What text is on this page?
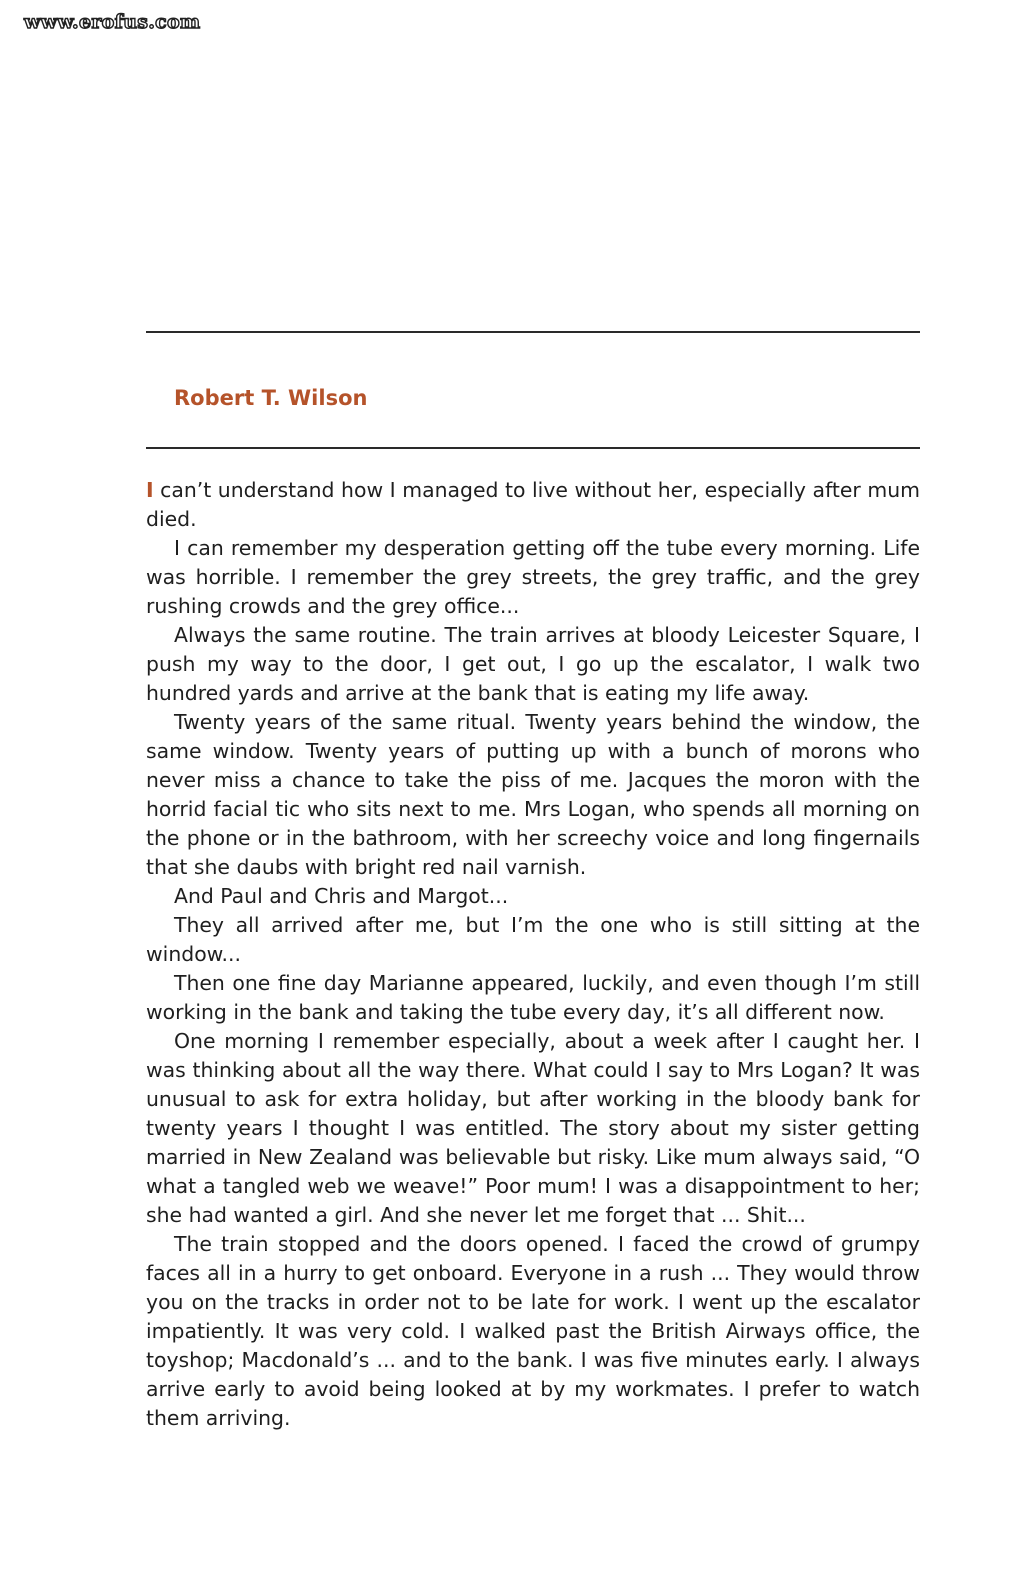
www.erofus.com
Robert T. Wilson

I can’t understand how I managed to live without her, especially after mum died.

I can remember my desperation getting off the tube every morning. Life was horrible. I remember the grey streets, the grey traffic, and the grey rushing crowds and the grey office...

Always the same routine. The train arrives at bloody Leicester Square, I push my way to the door, I get out, I go up the escalator, I walk two hundred yards and arrive at the bank that is eating my life away.

Twenty years of the same ritual. Twenty years behind the window, the same window. Twenty years of putting up with a bunch of morons who never miss a chance to take the piss of me. Jacques the moron with the horrid facial tic who sits next to me. Mrs Logan, who spends all morning on the phone or in the bathroom, with her screechy voice and long fingernails that she daubs with bright red nail varnish.

And Paul and Chris and Margot...

They all arrived after me, but I’m the one who is still sitting at the window...

Then one fine day Marianne appeared, luckily, and even though I’m still working in the bank and taking the tube every day, it’s all different now.

One morning I remember especially, about a week after I caught her. I was thinking about all the way there. What could I say to Mrs Logan? It was unusual to ask for extra holiday, but after working in the bloody bank for twenty years I thought I was entitled. The story about my sister getting married in New Zealand was believable but risky. Like mum always said, “O what a tangled web we weave!” Poor mum! I was a disappointment to her; she had wanted a girl. And she never let me forget that ... Shit...

The train stopped and the doors opened. I faced the crowd of grumpy faces all in a hurry to get onboard. Everyone in a rush ... They would throw you on the tracks in order not to be late for work. I went up the escalator impatiently. It was very cold. I walked past the British Airways office, the toyshop; Macdonald’s ... and to the bank. I was five minutes early. I always arrive early to avoid being looked at by my workmates. I prefer to watch them arriving.
